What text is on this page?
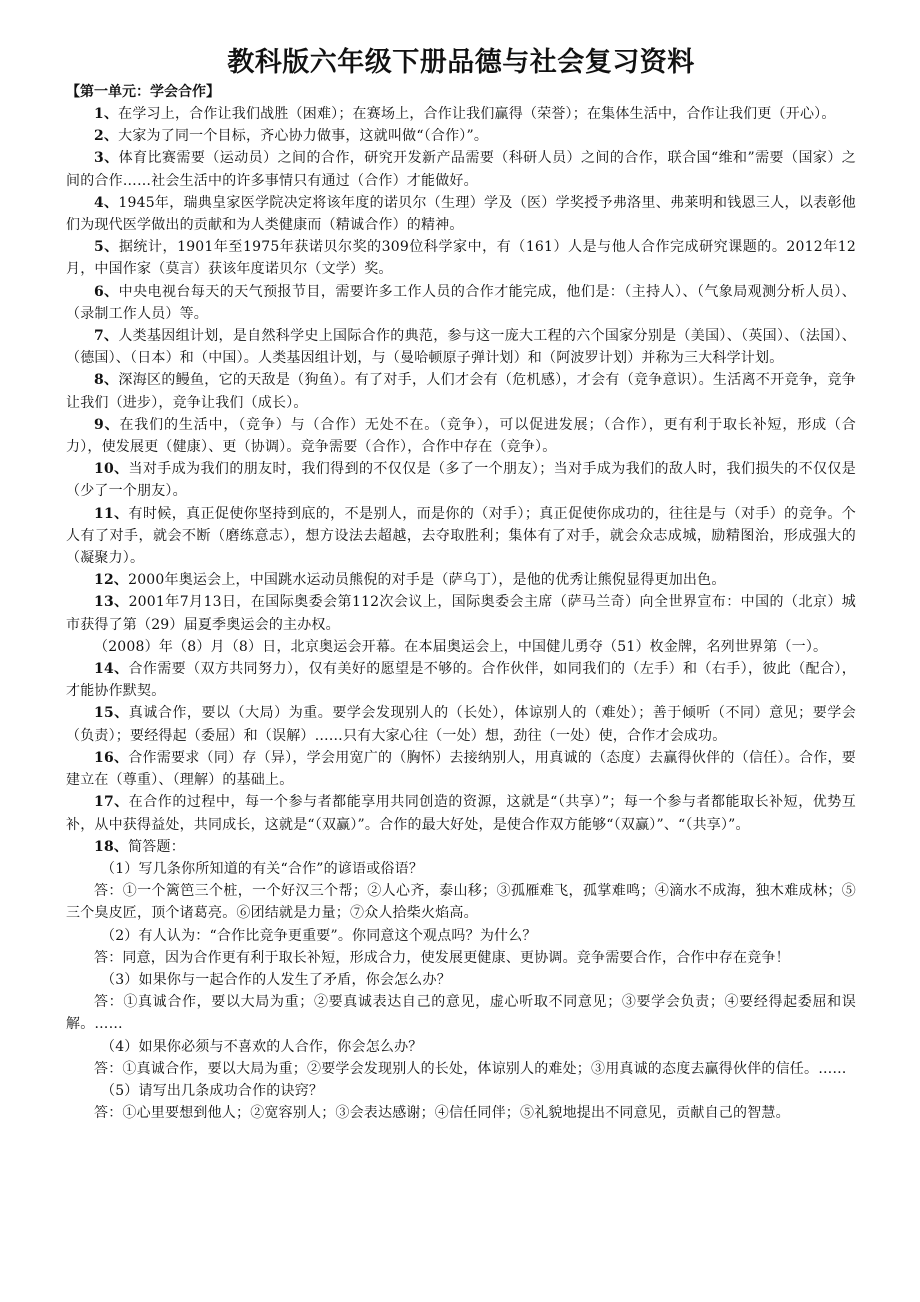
教科版六年级下册品德与社会复习资料

【第一单元：学会合作】

1、在学习上，合作让我们战胜（困难）；在赛场上，合作让我们赢得（荣誉）；在集体生活中，合作让我们更（开心）。

2、大家为了同一个目标，齐心协力做事，这就叫做“（合作）”。

3、体育比赛需要（运动员）之间的合作，研究开发新产品需要（科研人员）之间的合作，联合国“维和”需要（国家）之间的合作……社会生活中的许多事情只有通过（合作）才能做好。

4、1945年，瑞典皇家医学院决定将该年度的诺贝尔（生理）学及（医）学奖授予弗洛里、弗莱明和钱恩三人，以表彰他们为现代医学做出的贡献和为人类健康而（精诚合作）的精神。

5、据统计，1901年至1975年获诺贝尔奖的309位科学家中，有（161）人是与他人合作完成研究课题的。2012年12月，中国作家（莫言）获该年度诺贝尔（文学）奖。

6、中央电视台每天的天气预报节目，需要许多工作人员的合作才能完成，他们是：（主持人）、（气象局观测分析人员）、（录制工作人员）等。

7、人类基因组计划，是自然科学史上国际合作的典范，参与这一庞大工程的六个国家分别是（美国）、（英国）、（法国）、（德国）、（日本）和（中国）。人类基因组计划，与（曼哈顿原子弹计划）和（阿波罗计划）并称为三大科学计划。

8、深海区的鳗鱼，它的天敌是（狗鱼）。有了对手，人们才会有（危机感），才会有（竞争意识）。生活离不开竞争，竞争让我们（进步），竞争让我们（成长）。

9、在我们的生活中，（竞争）与（合作）无处不在。（竞争），可以促进发展；（合作），更有利于取长补短，形成（合力），使发展更（健康）、更（协调）。竞争需要（合作），合作中存在（竞争）。

10、当对手成为我们的朋友时，我们得到的不仅仅是（多了一个朋友）；当对手成为我们的敌人时，我们损失的不仅仅是（少了一个朋友）。

11、有时候，真正促使你坚持到底的，不是别人，而是你的（对手）；真正促使你成功的，往往是与（对手）的竞争。个人有了对手，就会不断（磨练意志），想方设法去超越，去夺取胜利；集体有了对手，就会众志成城，励精图治，形成强大的（凝聚力）。

12、2000年奥运会上，中国跳水运动员熊倪的对手是（萨乌丁），是他的优秀让熊倪显得更加出色。

13、2001年7月13日，在国际奥委会第112次会议上，国际奥委会主席（萨马兰奇）向全世界宣布：中国的（北京）城市获得了第（29）届夏季奥运会的主办权。

（2008）年（8）月（8）日，北京奥运会开幕。在本届奥运会上，中国健儿勇夺（51）枚金牌，名列世界第（一）。

14、合作需要（双方共同努力），仅有美好的愿望是不够的。合作伙伴，如同我们的（左手）和（右手），彼此（配合），才能协作默契。

15、真诚合作，要以（大局）为重。要学会发现别人的（长处），体谅别人的（难处）；善于倾听（不同）意见；要学会（负责）；要经得起（委屈）和（误解）……只有大家心往（一处）想，劲往（一处）使，合作才会成功。

16、合作需要求（同）存（异），学会用宽广的（胸怀）去接纳别人，用真诚的（态度）去赢得伙伴的（信任）。合作，要建立在（尊重）、（理解）的基础上。

17、在合作的过程中，每一个参与者都能享用共同创造的资源，这就是“（共享）”；每一个参与者都能取长补短，优势互补，从中获得益处，共同成长，这就是“（双赢）”。合作的最大好处，是使合作双方能够“（双赢）”、“（共享）”。

18、简答题：

（1）写几条你所知道的有关“合作”的谚语或俗语？

答：①一个篱笆三个桩，一个好汉三个帮；②人心齐，泰山移；③孤雁难飞，孤掌难鸣；④滴水不成海，独木难成林；⑤三个臭皮匠，顶个诸葛亮。⑥团结就是力量；⑦众人拾柴火焰高。

（2）有人认为：“合作比竞争更重要”。你同意这个观点吗？为什么？

答：同意，因为合作更有利于取长补短，形成合力，使发展更健康、更协调。竞争需要合作，合作中存在竞争！

（3）如果你与一起合作的人发生了矛盾，你会怎么办？

答：①真诚合作，要以大局为重；②要真诚表达自己的意见，虚心听取不同意见；③要学会负责；④要经得起委屈和误解。……

（4）如果你必须与不喜欢的人合作，你会怎么办？

答：①真诚合作，要以大局为重；②要学会发现别人的长处，体谅别人的难处；③用真诚的态度去赢得伙伴的信任。……

（5）请写出几条成功合作的诀窍？

答：①心里要想到他人；②宽容别人；③会表达感谢；④信任同伴；⑤礼貌地提出不同意见，贡献自己的智慧。
